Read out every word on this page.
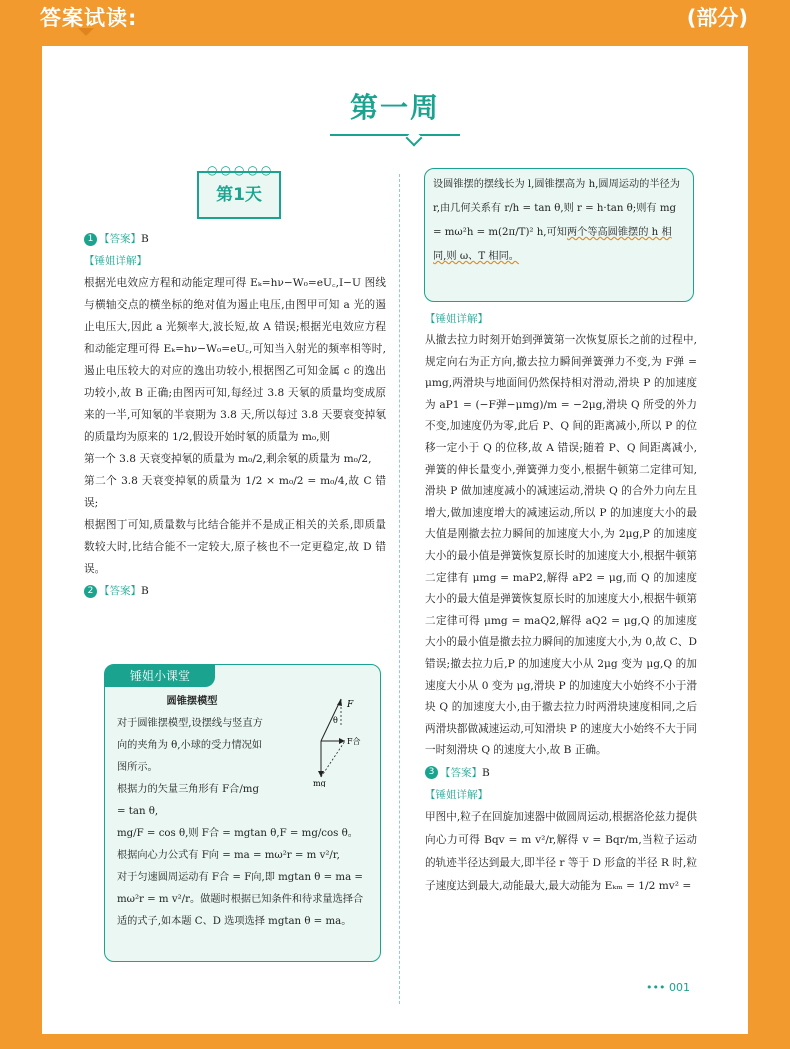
答案试读:	(部分)
第一周
○○○○○
第1天

1 【答案】B

【锤姐详解】

根据光电效应方程和动能定理可得 Eₖ=hν−W₀=eU꜀,I−U 图线与横轴交点的横坐标的绝对值为遏止电压,由图甲可知 a 光的遏止电压大,因此 a 光频率大,波长短,故 A 错误;根据光电效应方程和动能定理可得 Eₖ=hν−W₀=eU꜀,可知当入射光的频率相等时,遏止电压较大的对应的逸出功较小,根据图乙可知金属 c 的逸出功较小,故 B 正确;由图丙可知,每经过 3.8 天氡的质量均变成原来的一半,可知氡的半衰期为 3.8 天,所以每过 3.8 天要衰变掉氡的质量均为原来的 1/2,假设开始时氡的质量为 m₀,则

第一个 3.8 天衰变掉氡的质量为 m₀/2,剩余氡的质量为 m₀/2,

第二个 3.8 天衰变掉氡的质量为 1/2 × m₀/2 = m₀/4,故 C 错误;

根据图丁可知,质量数与比结合能并不是成正相关的关系,即质量数较大时,比结合能不一定较大,原子核也不一定更稳定,故 D 错误。

2 【答案】B

锤姐小课堂
F
θ
F合
mg
圆锥摆模型
对于圆锥摆模型,设摆线与竖直方向的夹角为 θ,小球的受力情况如图所示。
根据力的矢量三角形有 F合/mg = tan θ,
mg/F = cos θ,则 F合 = mgtan θ,F = mg/cos θ。
根据向心力公式有 F向 = ma = mω²r = m v²/r,
对于匀速圆周运动有 F合 = F向,即 mgtan θ = ma = mω²r = m v²/r。做题时根据已知条件和待求量选择合适的式子,如本题 C、D 选项选择 mgtan θ = ma。
设圆锥摆的摆线长为 l,圆锥摆高为 h,圆周运动的半径为 r,由几何关系有 r/h = tan θ,则 r = h·tan θ;则有 mg = mω²h = m(2π/T)² h,可知两个等高圆锥摆的 h 相同,则 ω、T 相同。

【锤姐详解】

从撤去拉力时刻开始到弹簧第一次恢复原长之前的过程中,规定向右为正方向,撤去拉力瞬间弹簧弹力不变,为 F弹 = μmg,两滑块与地面间仍然保持相对滑动,滑块 P 的加速度为 aP1 = (−F弹−μmg)/m = −2μg,滑块 Q 所受的外力不变,加速度仍为零,此后 P、Q 间的距离减小,所以 P 的位移一定小于 Q 的位移,故 A 错误;随着 P、Q 间距离减小,弹簧的伸长量变小,弹簧弹力变小,根据牛顿第二定律可知,滑块 P 做加速度减小的减速运动,滑块 Q 的合外力向左且增大,做加速度增大的减速运动,所以 P 的加速度大小的最大值是刚撤去拉力瞬间的加速度大小,为 2μg,P 的加速度大小的最小值是弹簧恢复原长时的加速度大小,根据牛顿第二定律有 μmg = maP2,解得 aP2 = μg,而 Q 的加速度大小的最大值是弹簧恢复原长时的加速度大小,根据牛顿第二定律可得 μmg = maQ2,解得 aQ2 = μg,Q 的加速度大小的最小值是撤去拉力瞬间的加速度大小,为 0,故 C、D 错误;撤去拉力后,P 的加速度大小从 2μg 变为 μg,Q 的加速度大小从 0 变为 μg,滑块 P 的加速度大小始终不小于滑块 Q 的加速度大小,由于撤去拉力时两滑块速度相同,之后两滑块都做减速运动,可知滑块 P 的速度大小始终不大于同一时刻滑块 Q 的速度大小,故 B 正确。

3 【答案】B

【锤姐详解】

甲图中,粒子在回旋加速器中做圆周运动,根据洛伦兹力提供向心力可得 Bqv = m v²/r,解得 v = Bqr/m,当粒子运动的轨迹半径达到最大,即半径 r 等于 D 形盒的半径 R 时,粒子速度达到最大,动能最大,最大动能为 Eₖₘ = 1/2 mv² =

••• 001
